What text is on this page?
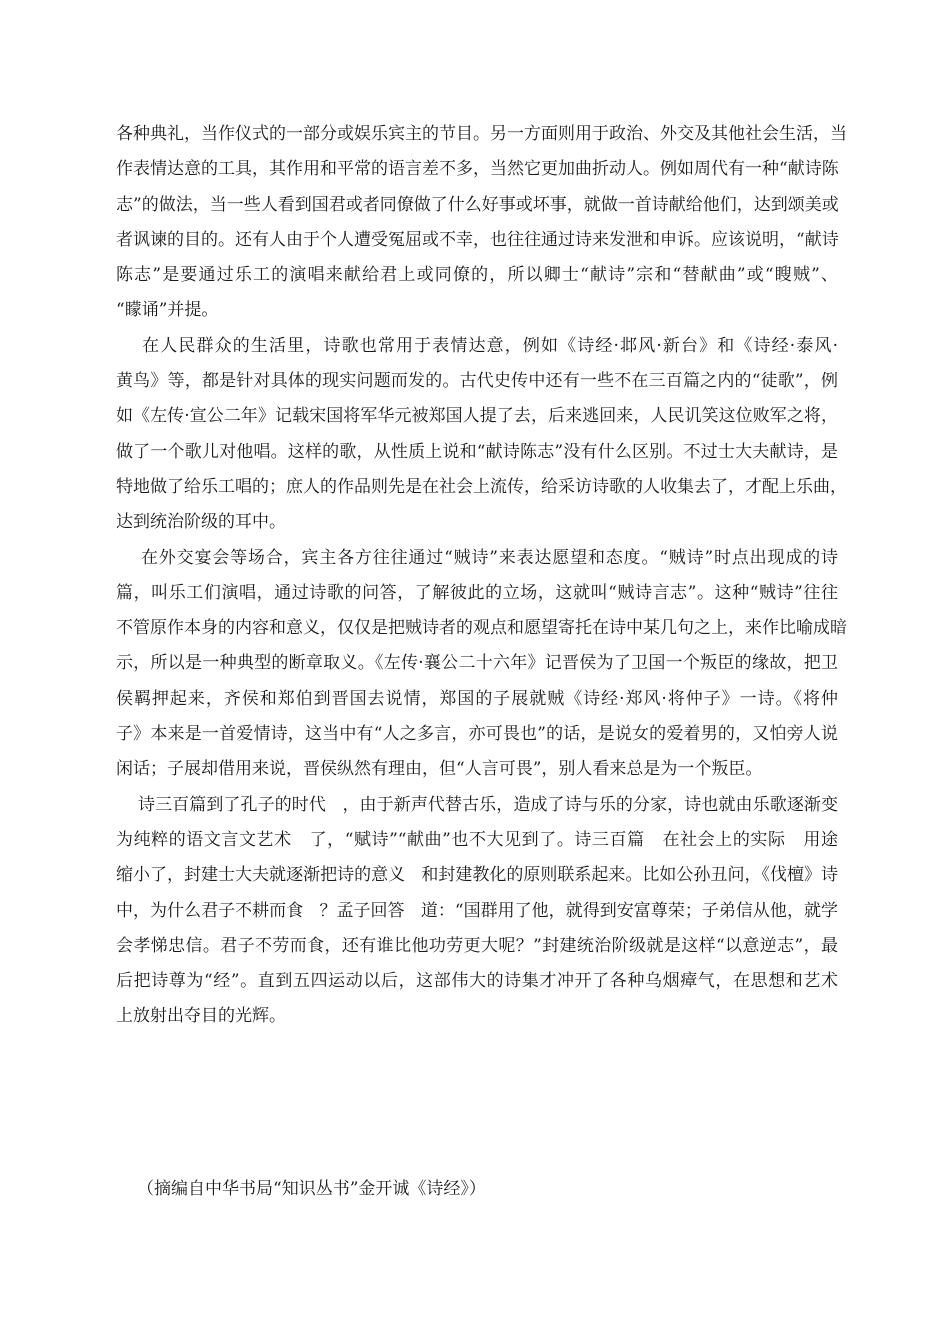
各种典礼，当作仪式的一部分或娱乐宾主的节目。另一方面则用于政治、外交及其他社会生活，当
作表情达意的工具，其作用和平常的语言差不多，当然它更加曲折动人。例如周代有一种“献诗陈
志”的做法，当一些人看到国君或者同僚做了什么好事或坏事，就做一首诗献给他们，达到颂美或
者讽谏的目的。还有人由于个人遭受冤屈或不幸，也往往通过诗来发泄和申诉。应该说明，“献诗
陈志”是要通过乐工的演唱来献给君上或同僚的，所以卿士“献诗”宗和“替献曲”或“瞍贼”、
“矇诵”并提。
在人民群众的生活里，诗歌也常用于表情达意，例如《诗经·邶风·新台》和《诗经·泰风·
黄鸟》等，都是针对具体的现实问题而发的。古代史传中还有一些不在三百篇之内的“徒歌”，例
如《左传·宣公二年》记载宋国将军华元被郑国人提了去，后来逃回来，人民讥笑这位败军之将，
做了一个歌儿对他唱。这样的歌，从性质上说和“献诗陈志”没有什么区别。不过士大夫献诗，是
特地做了给乐工唱的；庶人的作品则先是在社会上流传，给采访诗歌的人收集去了，才配上乐曲，
达到统治阶级的耳中。
在外交宴会等场合，宾主各方往往通过“贼诗”来表达愿望和态度。“贼诗”时点出现成的诗
篇，叫乐工们演唱，通过诗歌的问答，了解彼此的立场，这就叫“贼诗言志”。这种“贼诗”往往
不管原作本身的内容和意义，仅仅是把贼诗者的观点和愿望寄托在诗中某几句之上，来作比喻成暗
示，所以是一种典型的断章取义。《左传·襄公二十六年》记晋侯为了卫国一个叛臣的缘故，把卫
侯羁押起来，齐侯和郑伯到晋国去说情，郑国的子展就贼《诗经·郑风·将仲子》一诗。《将仲
子》本来是一首爱情诗，这当中有“人之多言，亦可畏也”的话，是说女的爱着男的，又怕旁人说
闲话；子展却借用来说，晋侯纵然有理由，但“人言可畏”，别人看来总是为一个叛臣。
诗三百篇到了孔子的时代   ，由于新声代替古乐，造成了诗与乐的分家，诗也就由乐歌逐渐变
为纯粹的语文言文艺术   了，“赋诗”“献曲”也不大见到了。诗三百篇   在社会上的实际   用途
缩小了，封建士大夫就逐渐把诗的意义   和封建教化的原则联系起来。比如公孙丑问，《伐檀》诗
中，为什么君子不耕而食   ？孟子回答   道：“国群用了他，就得到安富尊荣；子弟信从他，就学
会孝悌忠信。君子不劳而食，还有谁比他功劳更大呢？”封建统治阶级就是这样“以意逆志”，最
后把诗尊为“经”。直到五四运动以后，这部伟大的诗集才冲开了各种乌烟瘴气，在思想和艺术
上放射出夺目的光辉。
（摘编自中华书局“知识丛书”金开诚《诗经》）
